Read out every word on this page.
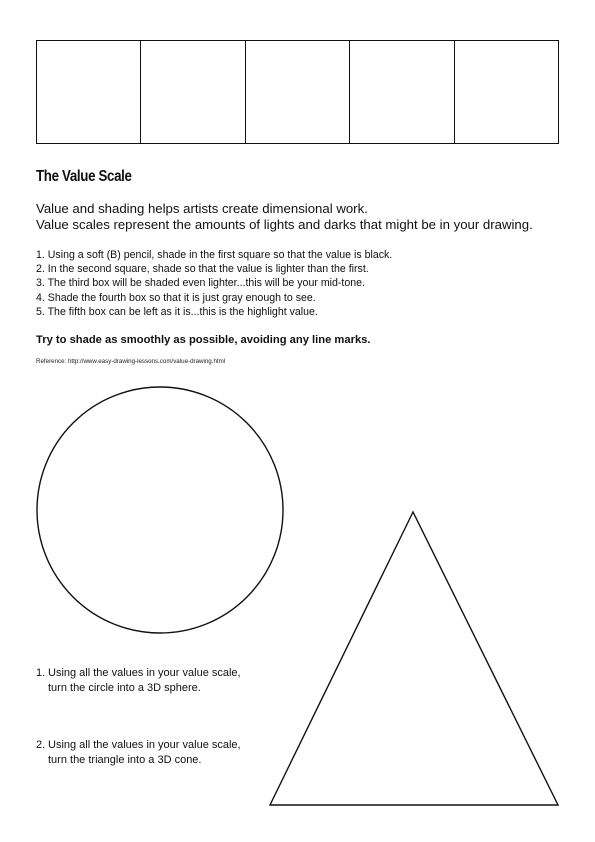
The Value Scale
Value and shading helps artists create dimensional work.
Value scales represent the amounts of lights and darks that might be in your drawing.
1. Using a soft (B) pencil, shade in the first square so that the value is black.
2. In the second square, shade so that the value is lighter than the first.
3. The third box will be shaded even lighter...this will be your mid-tone.
4. Shade the fourth box so that it is just gray enough to see.
5. The fifth box can be left as it is...this is the highlight value.
Try to shade as smoothly as possible, avoiding any line marks.
Reference: http://www.easy-drawing-lessons.com/value-drawing.html
1. Using all the values in your value scale,
turn the circle into a 3D sphere.
2. Using all the values in your value scale,
turn the triangle into a 3D cone.
